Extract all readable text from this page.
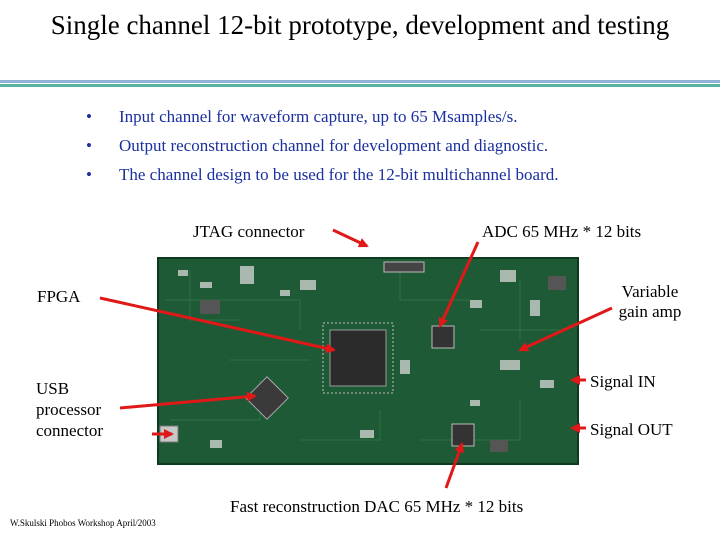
Single channel 12-bit prototype, development and testing
•	Input channel for waveform capture, up to 65 Msamples/s.
•	Output reconstruction channel for development and diagnostic.
•	The channel design to be used for the 12-bit multichannel board.
JTAG connector	ADC 65 MHz * 12 bits
FPGA	Variable
gain amp
USB
processor
connector
Signal IN
Signal OUT
Fast reconstruction DAC 65 MHz * 12 bits
W.Skulski Phobos Workshop April/2003
